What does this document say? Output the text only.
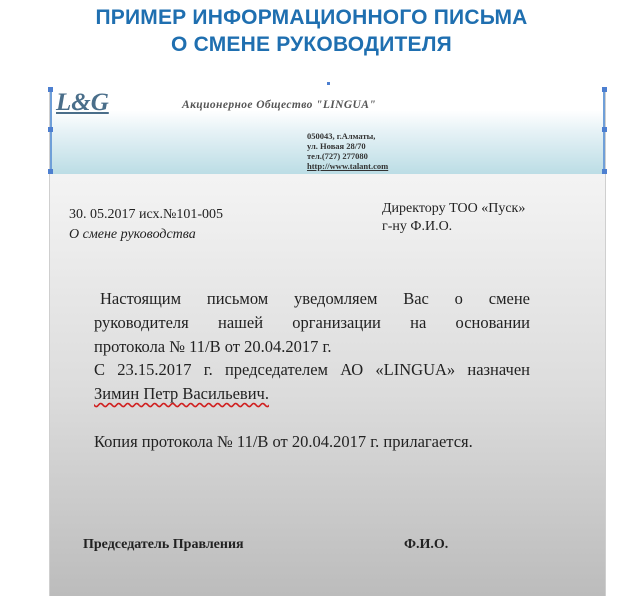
ПРИМЕР ИНФОРМАЦИОННОГО ПИСЬМА
О СМЕНЕ РУКОВОДИТЕЛЯ
L&G	Акционерное Общество "LINGUA"
050043, г.Алматы,
ул. Новая 28/70
тел.(727) 277080
http://www.talant.com
30. 05.2017 исх.№101-005
О смене руководства
Директору ТОО «Пуск»
г-ну Ф.И.О.
Настоящим письмом уведомляем Вас о смене
руководителя нашей организации на основании
протокола № 11/В от 20.04.2017 г.
С 23.15.2017 г. председателем АО «LINGUA» назначен
Зимин Петр Васильевич.
Копия протокола № 11/В от 20.04.2017 г. прилагается.
Председатель Правления	Ф.И.О.
